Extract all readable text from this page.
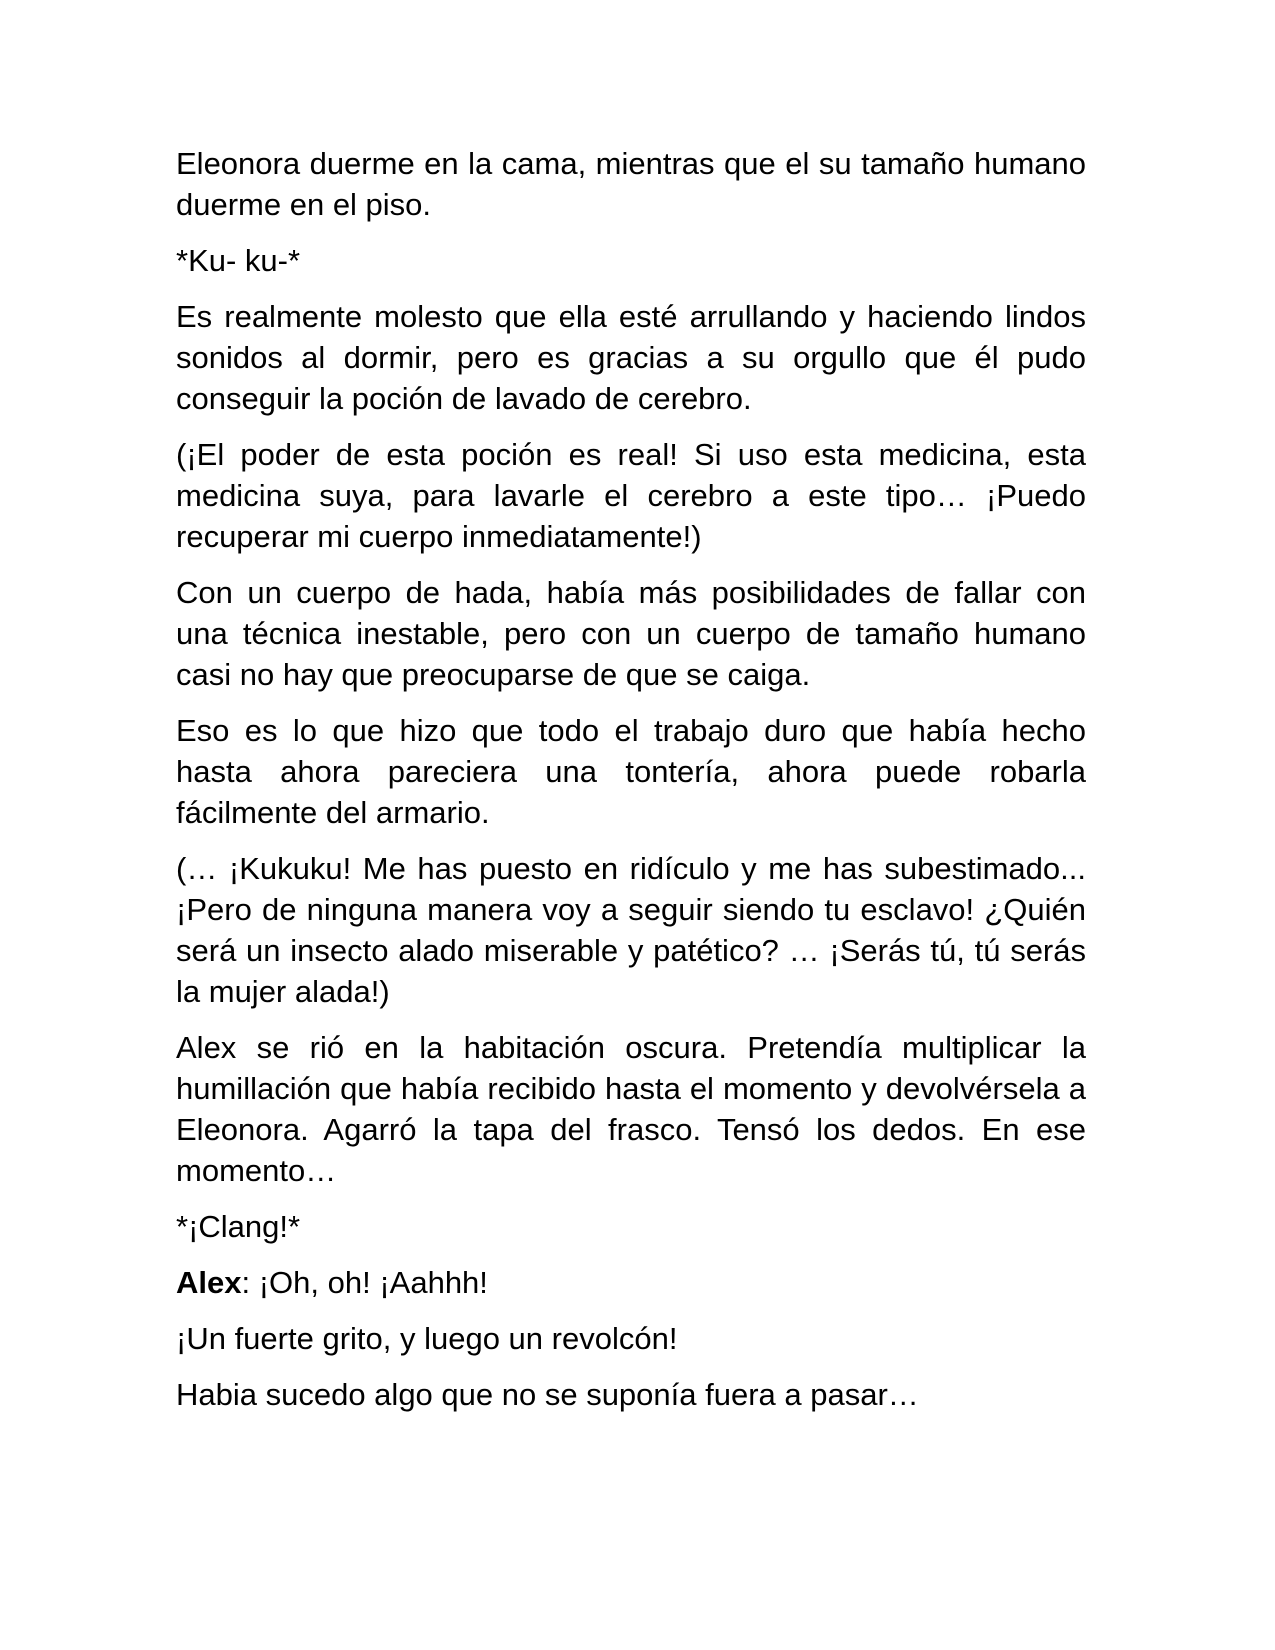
Eleonora duerme en la cama, mientras que el su tamaño humano duerme en el piso.

*Ku- ku-*

Es realmente molesto que ella esté arrullando y haciendo lindos sonidos al dormir, pero es gracias a su orgullo que él pudo conseguir la poción de lavado de cerebro.

(¡El poder de esta poción es real! Si uso esta medicina, esta medicina suya, para lavarle el cerebro a este tipo… ¡Puedo recuperar mi cuerpo inmediatamente!)

Con un cuerpo de hada, había más posibilidades de fallar con una técnica inestable, pero con un cuerpo de tamaño humano casi no hay que preocuparse de que se caiga.

Eso es lo que hizo que todo el trabajo duro que había hecho hasta ahora pareciera una tontería, ahora puede robarla fácilmente del armario.

(… ¡Kukuku! Me has puesto en ridículo y me has subestimado... ¡Pero de ninguna manera voy a seguir siendo tu esclavo! ¿Quién será un insecto alado miserable y patético? … ¡Serás tú, tú serás la mujer alada!)

Alex se rió en la habitación oscura. Pretendía multiplicar la humillación que había recibido hasta el momento y devolvérsela a Eleonora. Agarró la tapa del frasco. Tensó los dedos. En ese momento…

*¡Clang!*

Alex: ¡Oh, oh! ¡Aahhh!

¡Un fuerte grito, y luego un revolcón!

Habia sucedo algo que no se suponía fuera a pasar…
